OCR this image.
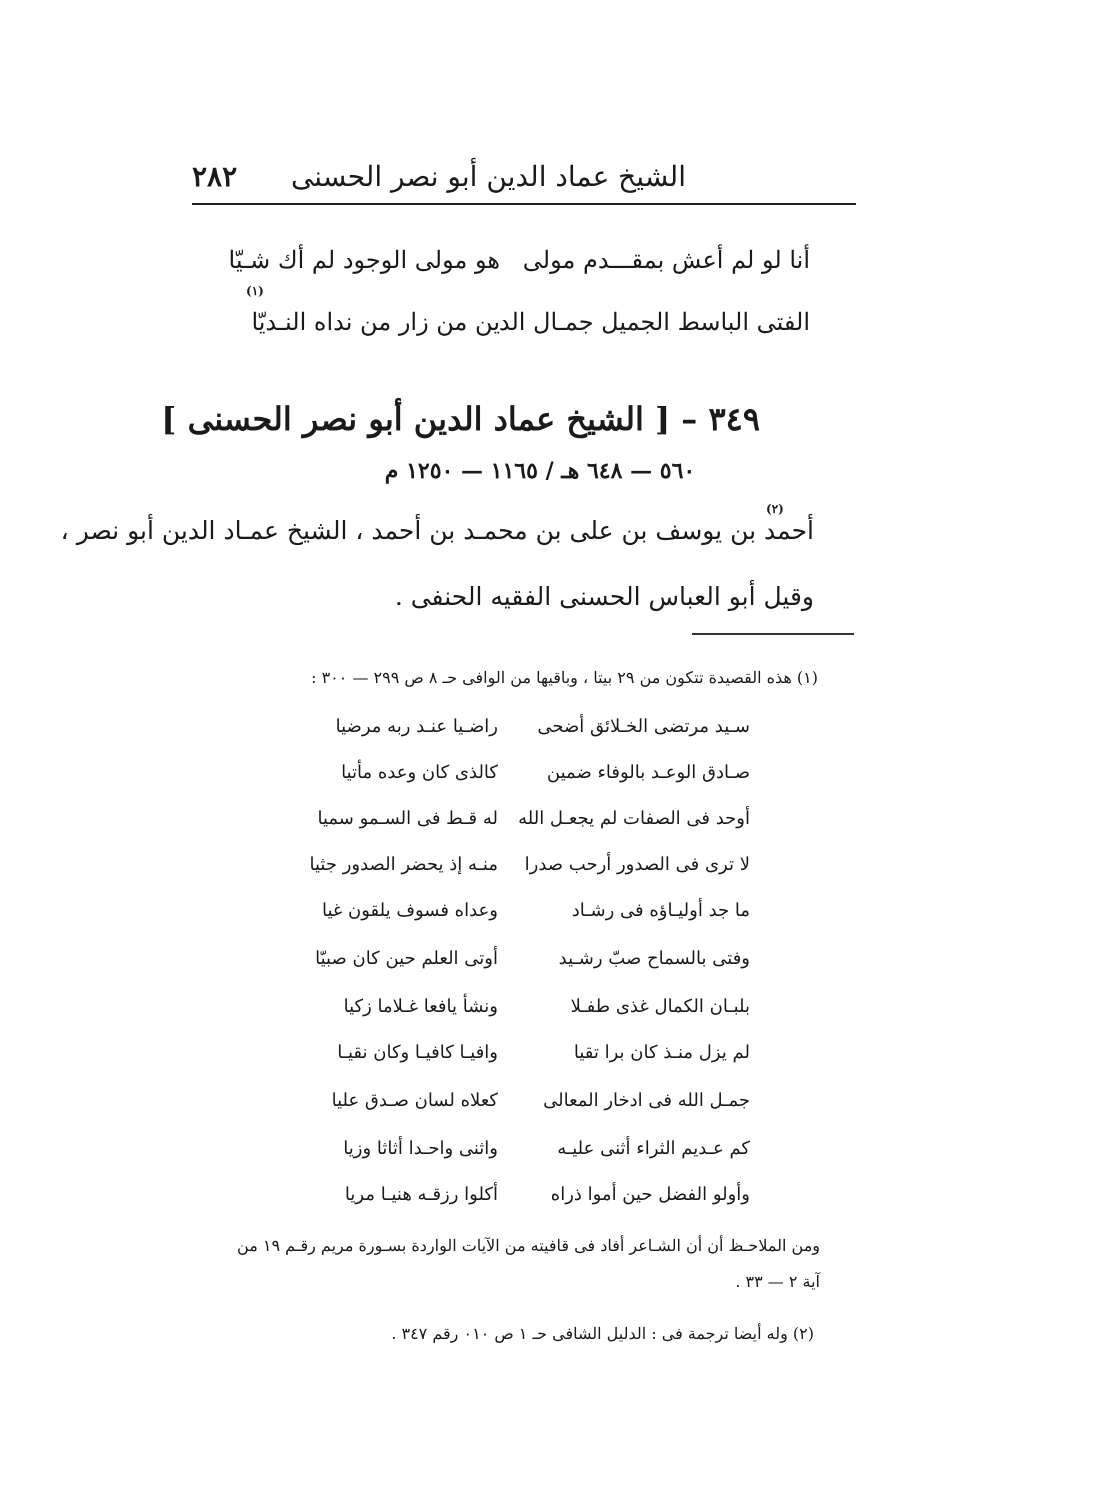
٢٨٢ الشيخ عماد الدين أبو نصر الحسنى
أنا لو لم أعش بمقـــدم مولى
هو مولى الوجود لم أك شـيّا
(١)
الفتى الباسط الجميل جمـال الد
ين من زار من نداه النـديّا
٣٤٩ – [ الشيخ عماد الدين أبو نصر الحسنى ]
٥٦٠ — ٦٤٨ هـ / ١١٦٥ — ١٢٥٠ م
(٢)
أحمد بن يوسف بن على بن محمـد بن أحمد ، الشيخ عمـاد الدين أبو نصر ،
وقيل أبو العباس الحسنى الفقيه الحنفى .
(١) هذه القصيدة تتكون من ٢٩ بيتا ، وباقيها من الوافى حـ ٨ ص ٢٩٩ — ٣٠٠ :
سـيد مرتضى الخـلائق أضحى
راضـيا عنـد ربه مرضيا
صـادق الوعـد بالوفاء ضمين
كالذى كان وعده مأتيا
أوحد فى الصفات لم يجعـل الله
له قـط فى السـمو سميا
لا ترى فى الصدور أرحب صدرا
منـه إذ يحضر الصدور جثيا
ما جد أوليـاؤه فى رشـاد
وعداه فسوف يلقون غيا
وفتى بالسماح صبّ رشـيد
أوتى العلم حين كان صبيّا
بلبـان الكمال غذى طفـلا
ونشأ يافعا غـلاما زكيا
لم يزل منـذ كان برا تقيا
وافيـا كافيـا وكان نقيـا
جمـل الله فى ادخار المعالى
كعلاه لسان صـدق عليا
كم عـديم الثراء أثنى عليـه
واثنى واحـدا أثاثا وزيا
وأولو الفضل حين أموا ذراه
أكلوا رزقـه هنيـا مريا
ومن الملاحـظ أن أن الشـاعر أفاد فى قافيته من الآيات الواردة بسـورة مريم رقـم ١٩ من
آية ٢ — ٣٣ .
(٢) وله أيضا ترجمة فى : الدليل الشافى حـ ١ ص ٠١٠ رقم ٣٤٧ .
